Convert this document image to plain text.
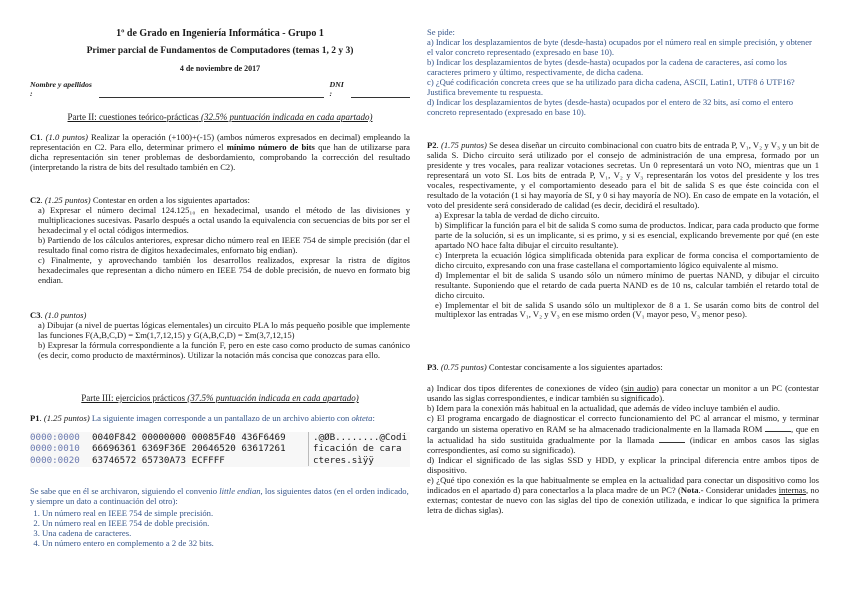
1º de Grado en Ingeniería Informática - Grupo 1
Primer parcial de Fundamentos de Computadores (temas 1, 2 y 3)
4 de noviembre de 2017
Nombre y apellidos :
DNI :
Parte II: cuestiones teórico-prácticas (32.5% puntuación indicada en cada apartado)
C1. (1.0 puntos) Realizar la operación (+100)+(-15) (ambos números expresados en decimal) empleando la representación en C2. Para ello, determinar primero el mínimo número de bits que han de utilizarse para dicha representación sin tener problemas de desbordamiento, comprobando la corrección del resultado (interpretando la ristra de bits del resultado también en C2).
C2. (1.25 puntos) Contestar en orden a los siguientes apartados:
a) Expresar el número decimal 124.125₁₀ en hexadecimal, usando el método de las divisiones y multiplicaciones sucesivas. Pasarlo después a octal usando la equivalencia con secuencias de bits por ser el hexadecimal y el octal códigos intermedios.
b) Partiendo de los cálculos anteriores, expresar dicho número real en IEEE 754 de simple precisión (dar el resultado final como ristra de dígitos hexadecimales, enfornato big endian).
c) Finalmente, y aprovechando también los desarrollos realizados, expresar la ristra de dígitos hexadecimales que representan a dicho número en IEEE 754 de doble precisión, de nuevo en formato big endian.
C3. (1.0 puntos)
a) Dibujar (a nivel de puertas lógicas elementales) un circuito PLA lo más pequeño posible que implemente las funciones F(A,B,C,D) = Σm(1,7,12,15) y G(A,B,C,D) = Σm(3,7,12,15)
b) Expresar la fórmula correspondiente a la función F, pero en este caso como producto de sumas canónico (es decir, como producto de maxtérminos). Utilizar la notación más concisa que conozcas para ello.
Parte III: ejercicios prácticos (37.5% puntuación indicada en cada apartado)
P1. (1.25 puntos) La siguiente imagen corresponde a un pantallazo de un archivo abierto con okteta:
0000:0000
0000:0010
0000:0020
0040F842 00000000 00085F40 436F6469
66696361 6369F36E 20646520 63617261
63746572 65730A73 ECFFFF
.@ØB........@Codi
ficación de cara
cteres.sìÿÿ
Se sabe que en él se archivaron, siguiendo el convenio little endian, los siguientes datos (en el orden indicado, y siempre un dato a continuación del otro):
1. Un número real en IEEE 754 de simple precisión.
2. Un número real en IEEE 754 de doble precisión.
3. Una cadena de caracteres.
4. Un número entero en complemento a 2 de 32 bits.
Se pide:
a) Indicar los desplazamientos de byte (desde-hasta) ocupados por el número real en simple precisión, y obtener el valor concreto representado (expresado en base 10).
b) Indicar los desplazamientos de bytes (desde-hasta) ocupados por la cadena de caracteres, así como los caracteres primero y último, respectivamente, de dicha cadena.
c) ¿Qué codificación concreta crees que se ha utilizado para dicha cadena, ASCII, Latin1, UTF8 ó UTF16? Justifica brevemente tu respuesta.
d) Indicar los desplazamientos de bytes (desde-hasta) ocupados por el entero de 32 bits, así como el entero concreto representado (expresado en base 10).
P2. (1.75 puntos) Se desea diseñar un circuito combinacional con cuatro bits de entrada P, V₁, V₂ y V₃ y un bit de salida S. Dicho circuito será utilizado por el consejo de administración de una empresa, formado por un presidente y tres vocales, para realizar votaciones secretas. Un 0 representará un voto NO, mientras que un 1 representará un voto SI. Los bits de entrada P, V₁, V₂ y V₃ representarán los votos del presidente y los tres vocales, respectivamente, y el comportamiento deseado para el bit de salida S es que éste coincida con el resultado de la votación (1 si hay mayoría de SI, y 0 si hay mayoría de NO). En caso de empate en la votación, el voto del presidente será considerado de calidad (es decir, decidirá el resultado).
a) Expresar la tabla de verdad de dicho circuito.
b) Simplificar la función para el bit de salida S como suma de productos. Indicar, para cada producto que forme parte de la solución, si es un implicante, si es primo, y si es esencial, explicando brevemente por qué (en este apartado NO hace falta dibujar el circuito resultante).
c) Interpreta la ecuación lógica simplificada obtenida para explicar de forma concisa el comportamiento de dicho circuito, expresando con una frase castellana el comportamiento lógico equivalente al mismo.
d) Implementar el bit de salida S usando sólo un número mínimo de puertas NAND, y dibujar el circuito resultante. Suponiendo que el retardo de cada puerta NAND es de 10 ns, calcular también el retardo total de dicho circuito.
e) Implementar el bit de salida S usando sólo un multiplexor de 8 a 1. Se usarán como bits de control del multiplexor las entradas V₁, V₂ y V₃ en ese mismo orden (V₁ mayor peso, V₃ menor peso).
P3. (0.75 puntos) Contestar concisamente a los siguientes apartados:
a) Indicar dos tipos diferentes de conexiones de vídeo (sin audio) para conectar un monitor a un PC (contestar usando las siglas correspondientes, e indicar también su significado).
b) Idem para la conexión más habitual en la actualidad, que además de vídeo incluye también el audio.
c) El programa encargado de diagnosticar el correcto funcionamiento del PC al arrancar el mismo, y terminar cargando un sistema operativo en RAM se ha almacenado tradicionalmente en la llamada ROM	, que en la actualidad ha sido sustituida gradualmente por la llamada	(indicar en ambos casos las siglas correspondientes, así como su significado).
d) Indicar el significado de las siglas SSD y HDD, y explicar la principal diferencia entre ambos tipos de dispositivo.
e) ¿Qué tipo conexión es la que habitualmente se emplea en la actualidad para conectar un dispositivo como los indicados en el apartado d) para conectarlos a la placa madre de un PC? (Nota.- Considerar unidades internas, no externas; contestar de nuevo con las siglas del tipo de conexión utilizada, e indicar lo que significa la primera letra de dichas siglas).
